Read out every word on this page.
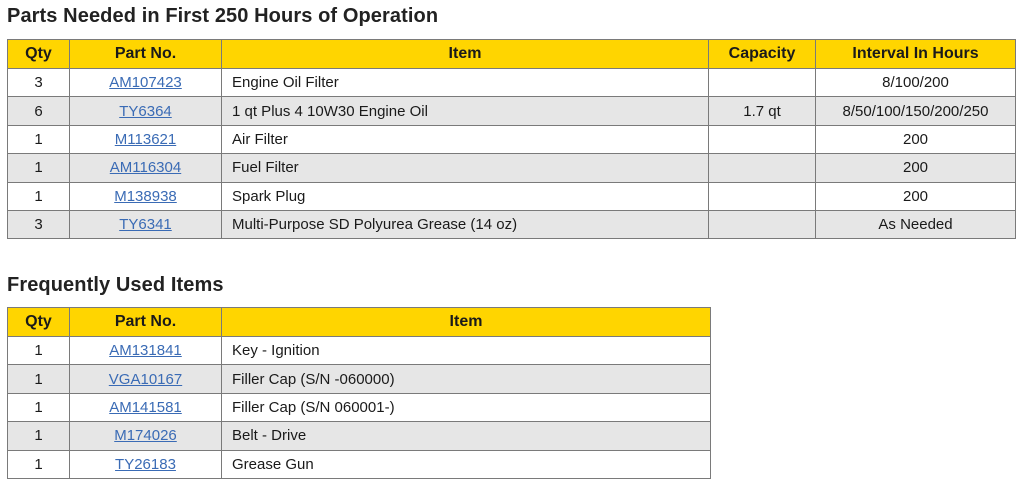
Parts Needed in First 250 Hours of Operation
Qty	Part No.	Item	Capacity	Interval In Hours
3	AM107423	Engine Oil Filter		8/100/200
6	TY6364	1 qt Plus 4 10W30 Engine Oil	1.7 qt	8/50/100/150/200/250
1	M113621	Air Filter		200
1	AM116304	Fuel Filter		200
1	M138938	Spark Plug		200
3	TY6341	Multi-Purpose SD Polyurea Grease (14 oz)		As Needed
Frequently Used Items
Qty	Part No.	Item
1	AM131841	Key - Ignition
1	VGA10167	Filler Cap (S/N -060000)
1	AM141581	Filler Cap (S/N 060001-)
1	M174026	Belt - Drive
1	TY26183	Grease Gun
